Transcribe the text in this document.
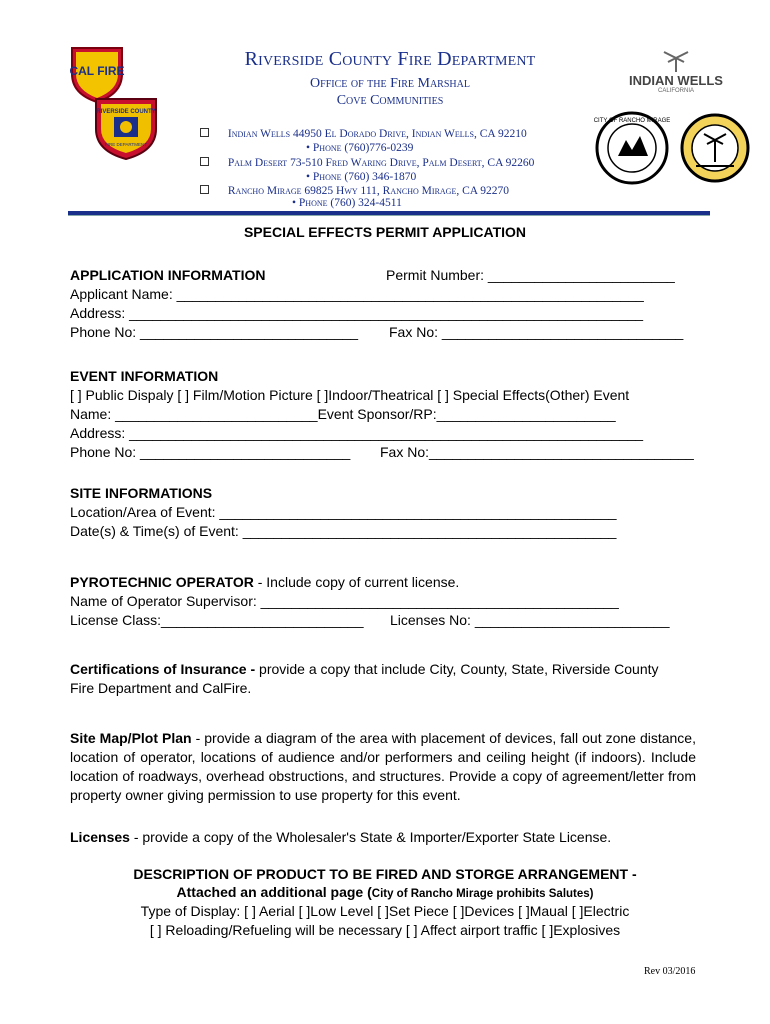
CAL FIRE
RIVERSIDE COUNTY
FIRE DEPARTMENT
Riverside County Fire Department
Office of the Fire Marshal
Cove Communities
Indian Wells 44950 El Dorado Drive, Indian Wells, CA 92210
• Phone (760)776-0239
Palm Desert 73-510 Fred Waring Drive, Palm Desert, CA 92260
• Phone (760) 346-1870
Rancho Mirage 69825 Hwy 111, Rancho Mirage, CA 92270
• Phone (760) 324-4511
INDIAN WELLS
CALIFORNIA
CITY OF RANCHO MIRAGE
SPECIAL EFFECTS PERMIT APPLICATION
APPLICATION INFORMATION	Permit Number: ________________________
Applicant Name: ____________________________________________________________
Address: __________________________________________________________________
Phone No: ____________________________ Fax No: _______________________________
EVENT INFORMATION
[ ] Public Dispaly [ ] Film/Motion Picture [ ]Indoor/Theatrical [ ] Special Effects(Other) Event
Name: __________________________Event Sponsor/RP:_______________________
Address: __________________________________________________________________
Phone No: ___________________________ Fax No:__________________________________
SITE INFORMATIONS
Location/Area of Event: ___________________________________________________
Date(s) & Time(s) of Event: ________________________________________________
PYROTECHNIC OPERATOR - Include copy of current license.
Name of Operator Supervisor: ______________________________________________
License Class:__________________________ Licenses No: _________________________
Certifications of Insurance - provide a copy that include City, County, State, Riverside County Fire Department and CalFire.
Site Map/Plot Plan - provide a diagram of the area with placement of devices, fall out zone distance, location of operator, locations of audience and/or performers and ceiling height (if indoors). Include location of roadways, overhead obstructions, and structures. Provide a copy of agreement/letter from property owner giving permission to use property for this event.
Licenses - provide a copy of the Wholesaler's State & Importer/Exporter State License.
DESCRIPTION OF PRODUCT TO BE FIRED AND STORGE ARRANGEMENT -
Attached an additional page (City of Rancho Mirage prohibits Salutes)
Type of Display: [ ] Aerial [ ]Low Level [ ]Set Piece [ ]Devices [ ]Maual [ ]Electric
[ ] Reloading/Refueling will be necessary [ ] Affect airport traffic [ ]Explosives
Rev 03/2016
